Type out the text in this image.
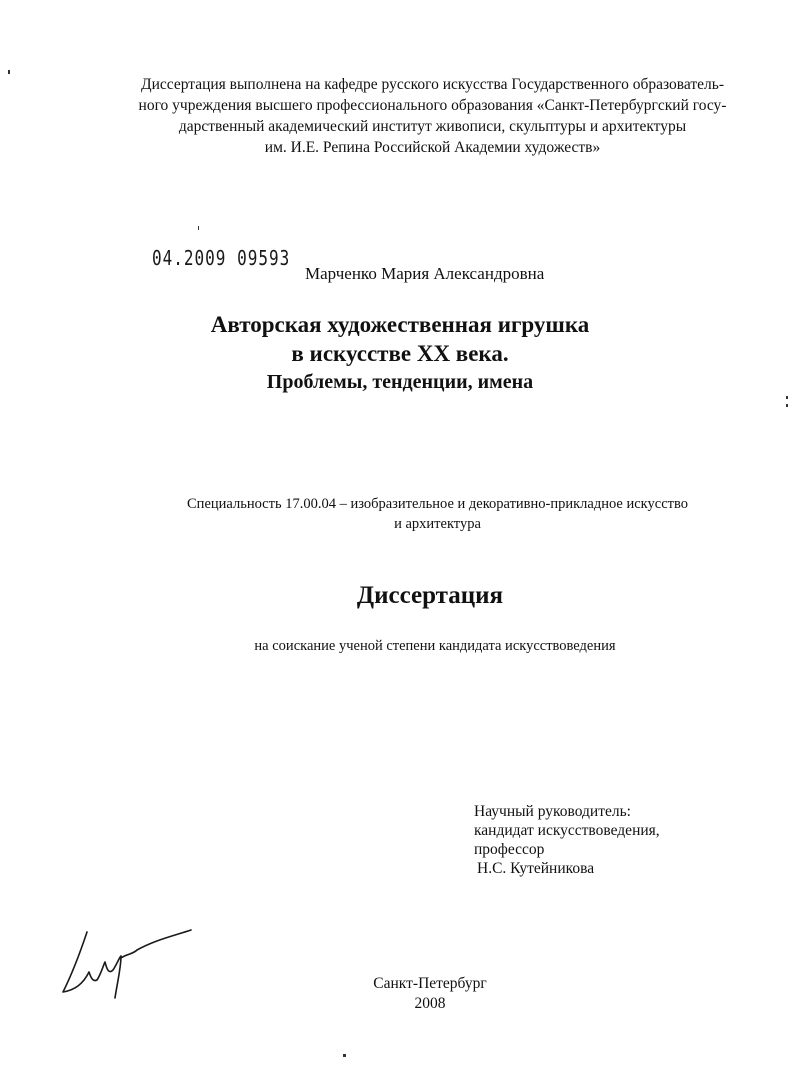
Диссертация выполнена на кафедре русского искусства Государственного образователь-
ного учреждения высшего профессионального образования «Санкт-Петербургский госу-
дарственный академический институт живописи, скульптуры и архитектуры
им. И.Е. Репина Российской Академии художеств»
04.2009 09593
Марченко Мария Александровна
Авторская художественная игрушка
в искусстве XX века.
Проблемы, тенденции, имена
Специальность 17.00.04 – изобразительное и декоративно-прикладное искусство
и архитектура
Диссертация
на соискание ученой степени кандидата искусствоведения
Научный руководитель:
кандидат искусствоведения,
профессор
Н.С. Кутейникова
Санкт-Петербург
2008
